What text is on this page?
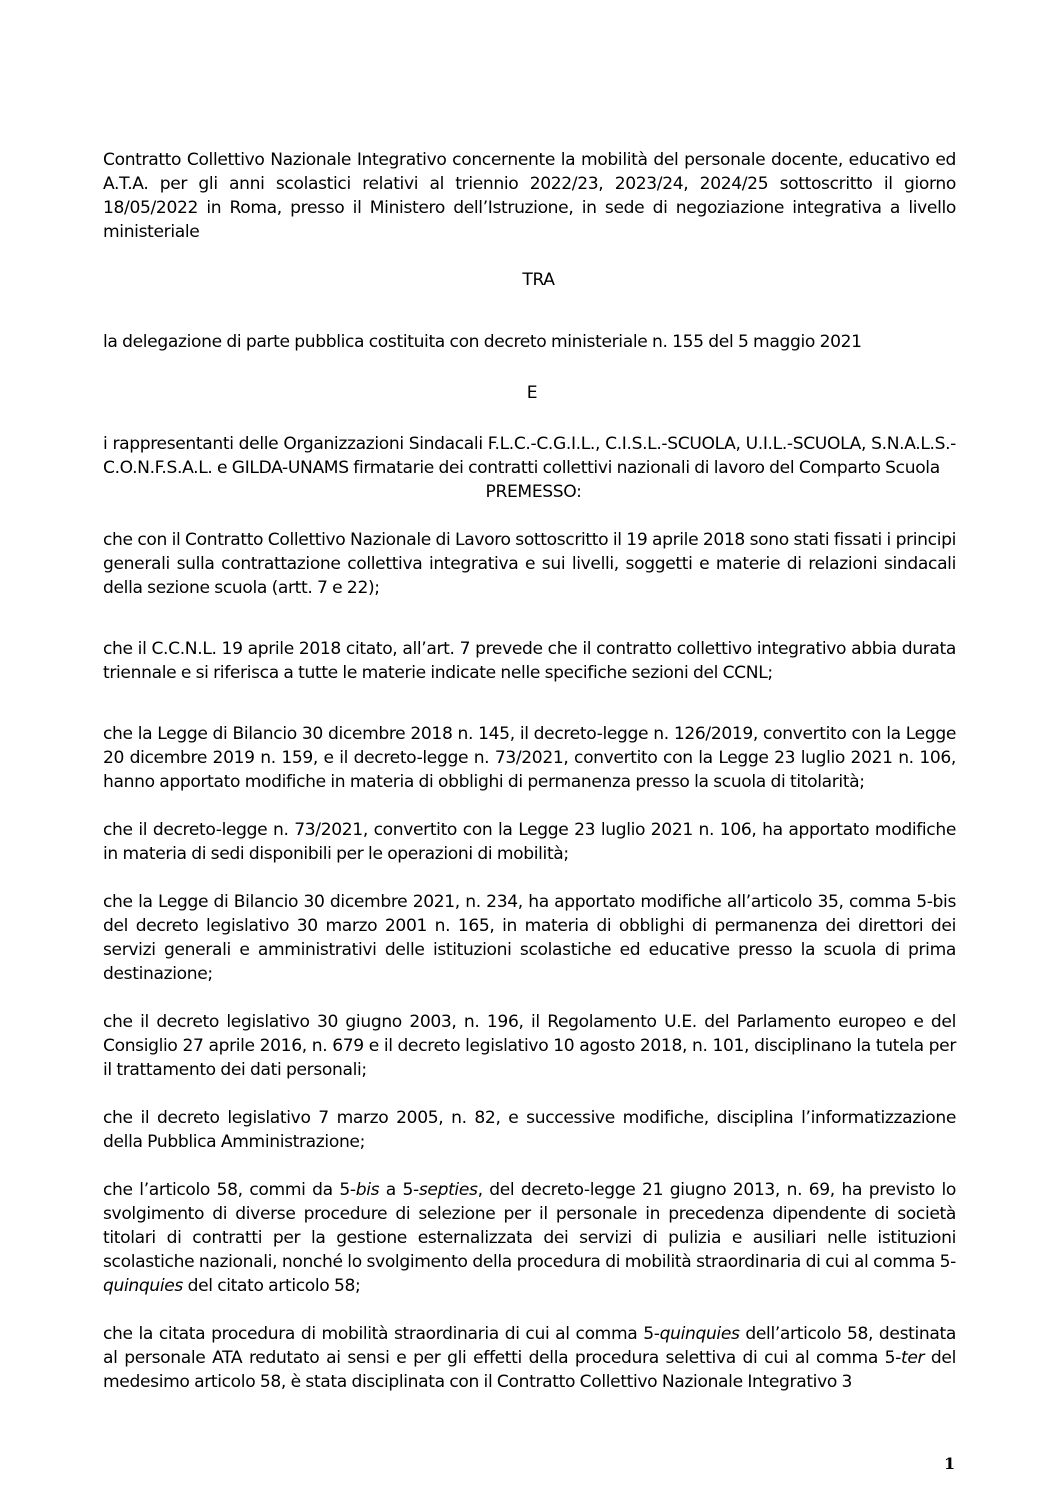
Contratto Collettivo Nazionale Integrativo concernente la mobilità del personale docente, educativo ed A.T.A. per gli anni scolastici relativi al triennio 2022/23, 2023/24, 2024/25 sottoscritto il giorno 18/05/2022 in Roma, presso il Ministero dell’Istruzione, in sede di negoziazione integrativa a livello ministeriale

TRA

la delegazione di parte pubblica costituita con decreto ministeriale n. 155 del 5 maggio 2021

E

i rappresentanti delle Organizzazioni Sindacali F.L.C.-C.G.I.L., C.I.S.L.-SCUOLA, U.I.L.-SCUOLA, S.N.A.L.S.- C.O.N.F.S.A.L. e GILDA-UNAMS firmatarie dei contratti collettivi nazionali di lavoro del Comparto Scuola

PREMESSO:

che con il Contratto Collettivo Nazionale di Lavoro sottoscritto il 19 aprile 2018 sono stati fissati i principi generali sulla contrattazione collettiva integrativa e sui livelli, soggetti e materie di relazioni sindacali della sezione scuola (artt. 7 e 22);

che il C.C.N.L. 19 aprile 2018 citato, all’art. 7 prevede che il contratto collettivo integrativo abbia durata triennale e si riferisca a tutte le materie indicate nelle specifiche sezioni del CCNL;

che la Legge di Bilancio 30 dicembre 2018 n. 145, il decreto-legge n. 126/2019, convertito con la Legge 20 dicembre 2019 n. 159, e il decreto-legge n. 73/2021, convertito con la Legge 23 luglio 2021 n. 106, hanno apportato modifiche in materia di obblighi di permanenza presso la scuola di titolarità;

che il decreto-legge n. 73/2021, convertito con la Legge 23 luglio 2021 n. 106, ha apportato modifiche in materia di sedi disponibili per le operazioni di mobilità;

che la Legge di Bilancio 30 dicembre 2021, n. 234, ha apportato modifiche all’articolo 35, comma 5-bis del decreto legislativo 30 marzo 2001 n. 165, in materia di obblighi di permanenza dei direttori dei servizi generali e amministrativi delle istituzioni scolastiche ed educative presso la scuola di prima destinazione;

che il decreto legislativo 30 giugno 2003, n. 196, il Regolamento U.E. del Parlamento europeo e del Consiglio 27 aprile 2016, n. 679 e il decreto legislativo 10 agosto 2018, n. 101, disciplinano la tutela per il trattamento dei dati personali;

che il decreto legislativo 7 marzo 2005, n. 82, e successive modifiche, disciplina l’informatizzazione della Pubblica Amministrazione;

che l’articolo 58, commi da 5-bis a 5-septies, del decreto-legge 21 giugno 2013, n. 69, ha previsto lo svolgimento di diverse procedure di selezione per il personale in precedenza dipendente di società titolari di contratti per la gestione esternalizzata dei servizi di pulizia e ausiliari nelle istituzioni scolastiche nazionali, nonché lo svolgimento della procedura di mobilità straordinaria di cui al comma 5-quinquies del citato articolo 58;

che la citata procedura di mobilità straordinaria di cui al comma 5-quinquies dell’articolo 58, destinata al personale ATA redutato ai sensi e per gli effetti della procedura selettiva di cui al comma 5-ter del medesimo articolo 58, è stata disciplinata con il Contratto Collettivo Nazionale Integrativo 3

1
